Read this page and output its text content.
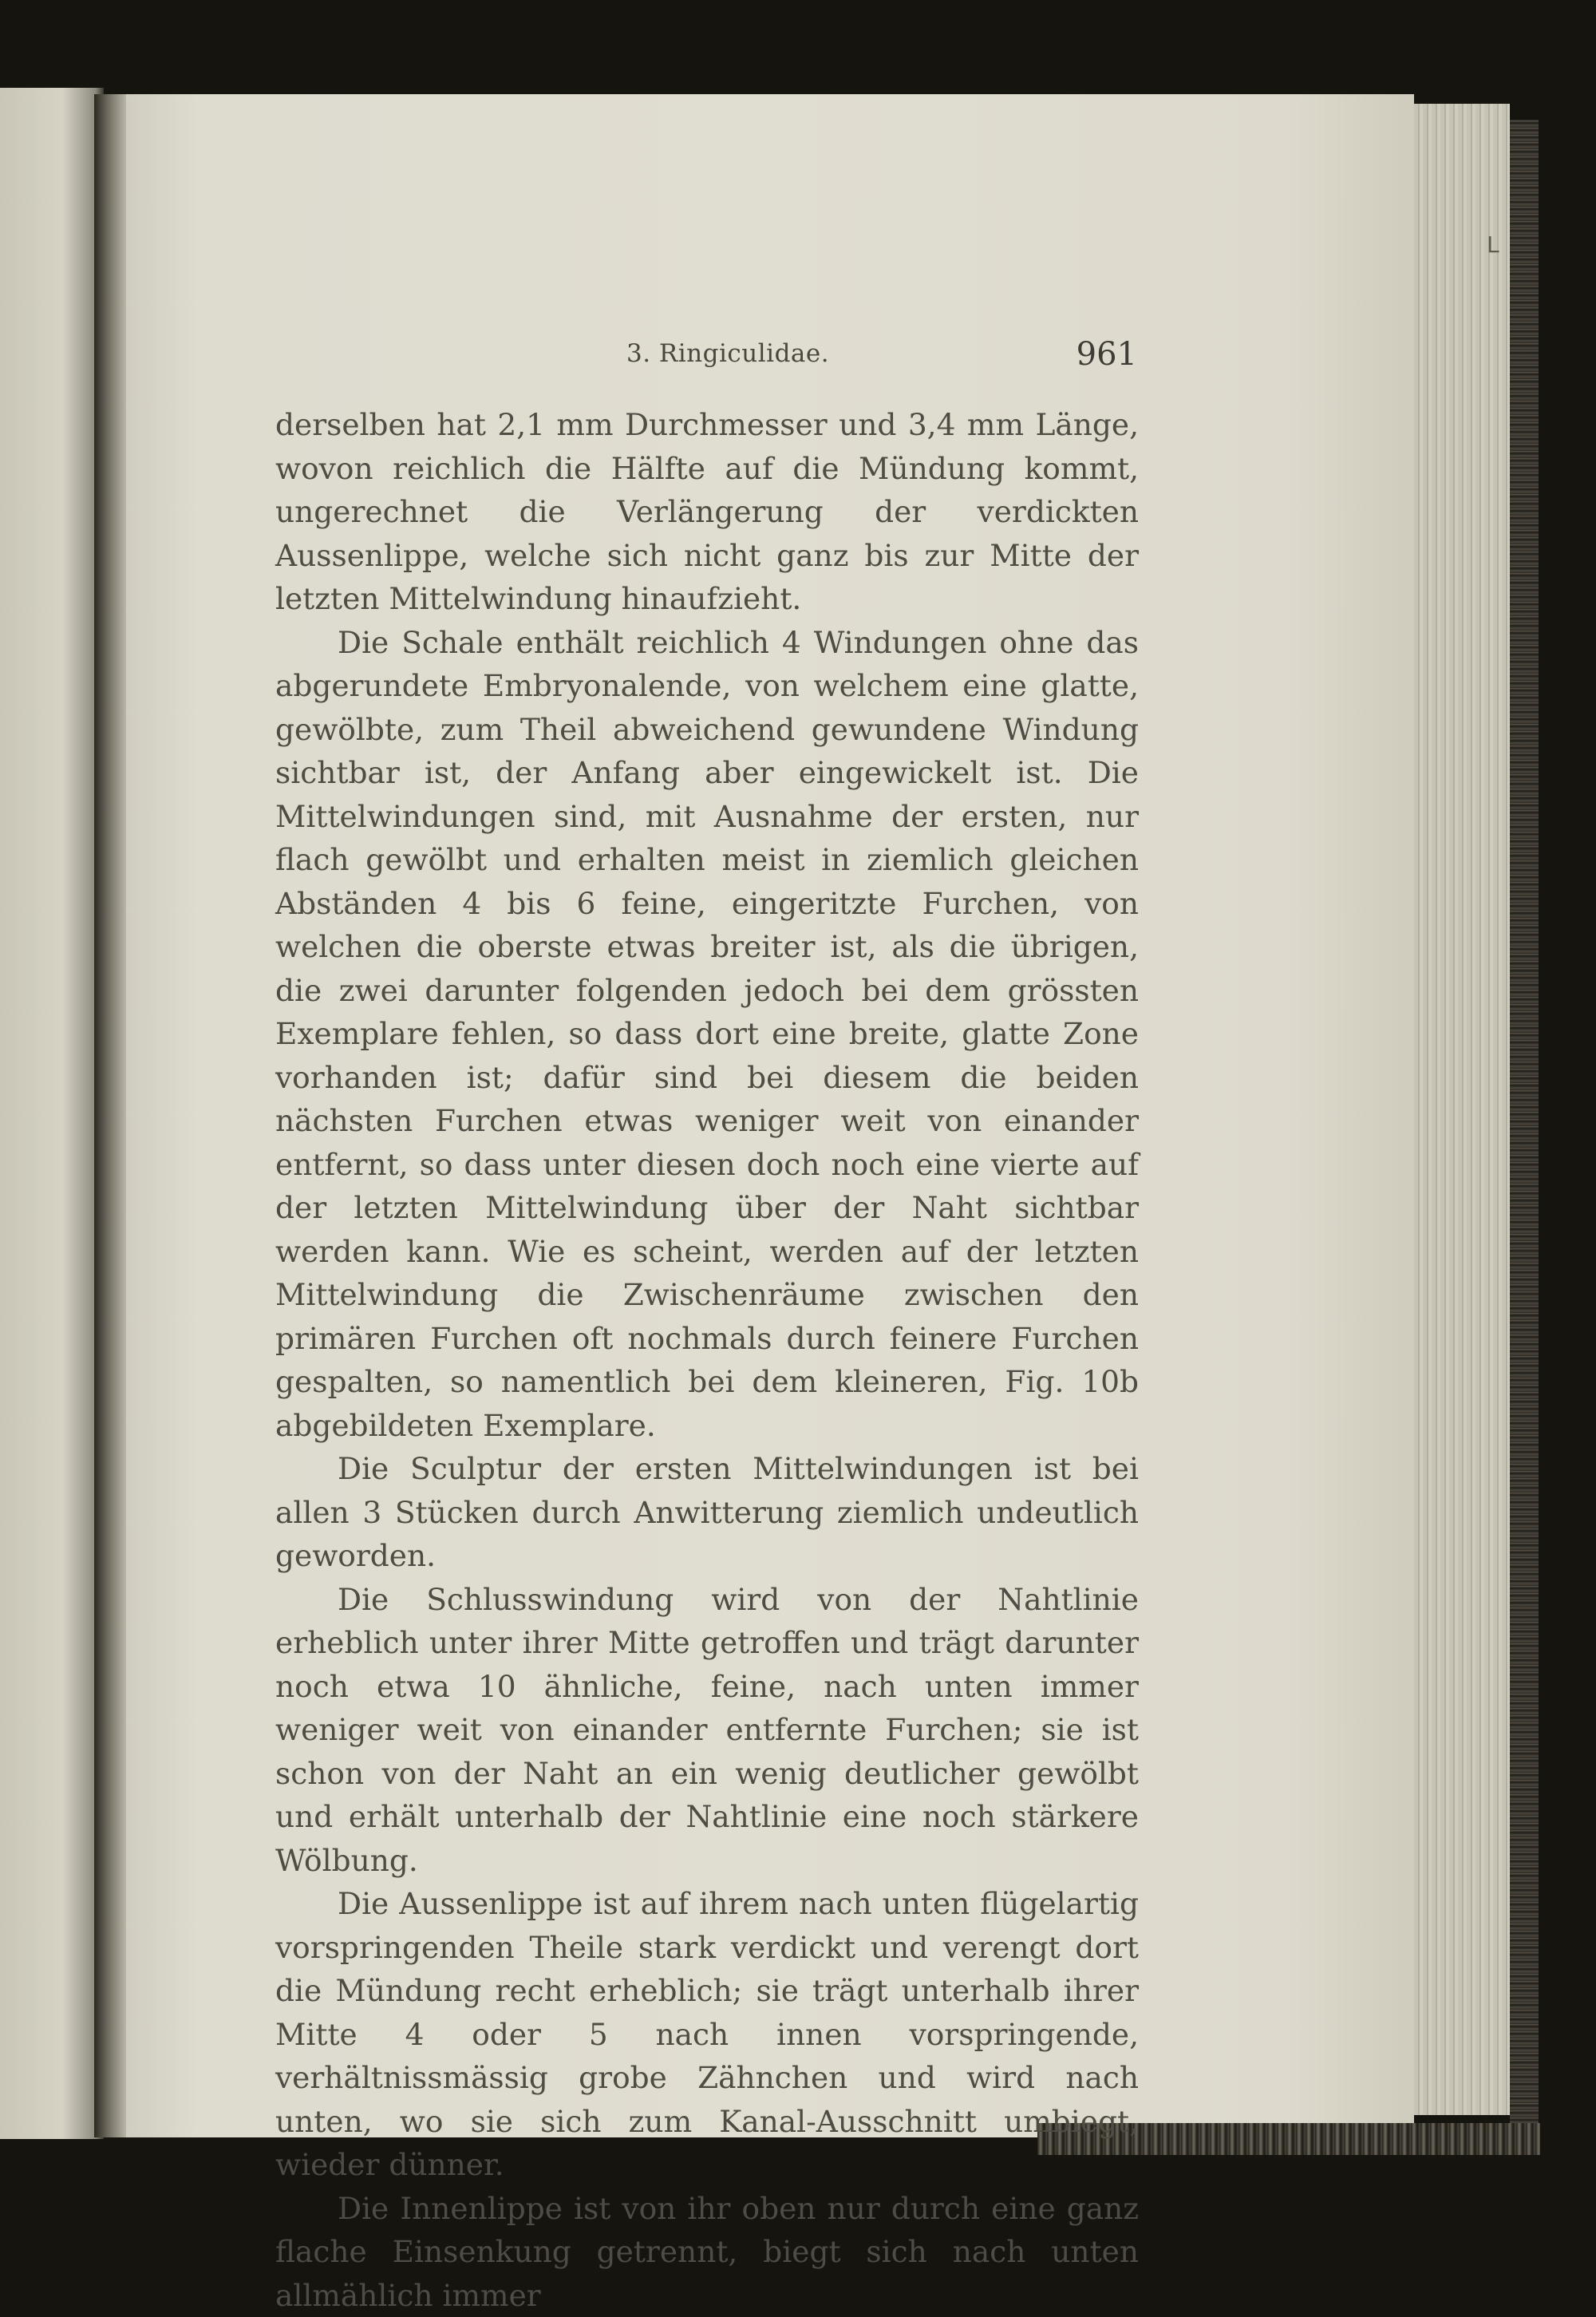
L
3. Ringiculidae.	961

derselben hat 2,1 mm Durchmesser und 3,4 mm Länge, wovon reichlich die Hälfte auf die Mündung kommt, ungerechnet die Verlängerung der verdickten Aussenlippe, welche sich nicht ganz bis zur Mitte der letzten Mittelwindung hinaufzieht.

Die Schale enthält reichlich 4 Windungen ohne das abgerundete Embryonalende, von welchem eine glatte, gewölbte, zum Theil abweichend gewundene Windung sichtbar ist, der Anfang aber eingewickelt ist. Die Mittelwindungen sind, mit Ausnahme der ersten, nur flach gewölbt und erhalten meist in ziemlich gleichen Abständen 4 bis 6 feine, eingeritzte Furchen, von welchen die oberste etwas breiter ist, als die übrigen, die zwei darunter folgenden jedoch bei dem grössten Exemplare fehlen, so dass dort eine breite, glatte Zone vorhanden ist; dafür sind bei diesem die beiden nächsten Furchen etwas weniger weit von einander entfernt, so dass unter diesen doch noch eine vierte auf der letzten Mittelwindung über der Naht sichtbar werden kann. Wie es scheint, werden auf der letzten Mittelwindung die Zwischenräume zwischen den primären Furchen oft nochmals durch feinere Furchen gespalten, so namentlich bei dem kleineren, Fig. 10b abgebildeten Exemplare.

Die Sculptur der ersten Mittelwindungen ist bei allen 3 Stücken durch Anwitterung ziemlich undeutlich geworden.

Die Schlusswindung wird von der Nahtlinie erheblich unter ihrer Mitte getroffen und trägt darunter noch etwa 10 ähnliche, feine, nach unten immer weniger weit von einander entfernte Furchen; sie ist schon von der Naht an ein wenig deutlicher gewölbt und erhält unterhalb der Nahtlinie eine noch stärkere Wölbung.

Die Aussenlippe ist auf ihrem nach unten flügelartig vorspringenden Theile stark verdickt und verengt dort die Mündung recht erheblich; sie trägt unterhalb ihrer Mitte 4 oder 5 nach innen vorspringende, verhältnissmässig grobe Zähnchen und wird nach unten, wo sie sich zum Kanal-Ausschnitt umbiegt, wieder dünner.

Die Innenlippe ist von ihr oben nur durch eine ganz flache Einsenkung getrennt, biegt sich nach unten allmählich immer
